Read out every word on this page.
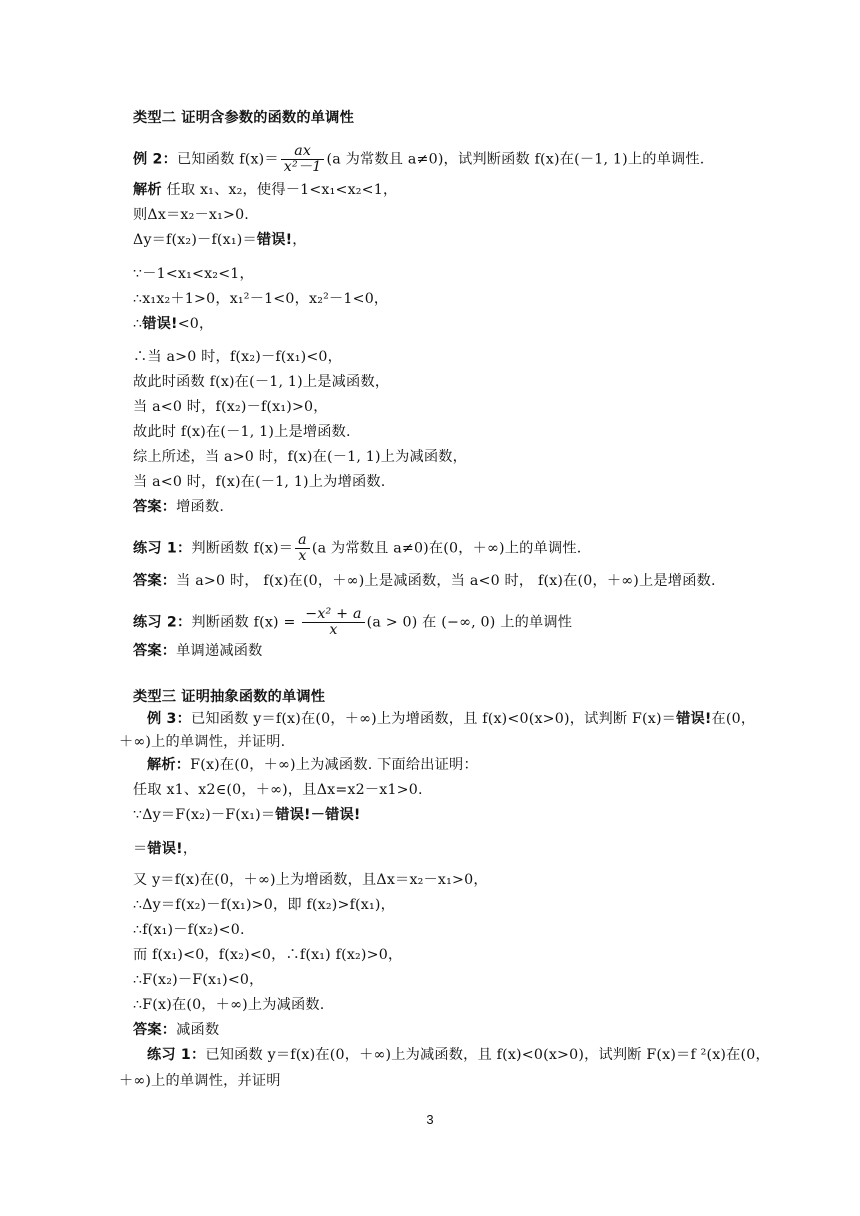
类型二 证明含参数的函数的单调性
例 2：已知函数 $f(x)= \frac{ax}{\text{x²－1}} (a$ 为常数且 a≠0)，试判断函数 f(x)在(－1, 1)上的单调性.
解析 任取 x₁、x₂，使得－1<x₁<x₂<1，
则Δx＝x₂－x₁>0.
Δy＝f(x₂)－f(x₁)＝错误!，
∵－1<x₁<x₂<1，
∴x₁x₂＋1>0，x₁²－1<0，x₂²－1<0，
∴错误!<0，
∴当 a>0 时，f(x₂)－f(x₁)<0，
故此时函数 f(x)在(－1, 1)上是减函数，
当 a<0 时，f(x₂)－f(x₁)>0，
故此时 f(x)在(－1, 1)上是增函数.
综上所述，当 a>0 时，f(x)在(－1, 1)上为减函数，
当 a<0 时，f(x)在(－1, 1)上为增函数.
答案：增函数.
练习 1：判断函数 $f(x)= \frac{a}{x} (a$ 为常数且 a≠0)在(0，＋∞)上的单调性.
答案：当 a>0 时， f(x)在(0，＋∞)上是减函数，当 a<0 时， f(x)在(0，＋∞)上是增函数.
练习 2：判断函数 $f(x) = \frac{\text{−x² + a}}{x} (a > 0)$ 在 (−∞, 0) 上的单调性
答案：单调递减函数
类型三 证明抽象函数的单调性
例 3：已知函数 y＝f(x)在(0，＋∞)上为增函数，且 f(x)<0(x>0)，试判断 F(x)＝错误!在(0，
＋∞)上的单调性，并证明.
解析：F(x)在(0，＋∞)上为减函数. 下面给出证明：
任取 x1、x2∈(0，＋∞)，且Δx=x2－x1>0.
∵Δy＝F(x₂)－F(x₁)＝错误!－错误!
＝错误!，
又 y＝f(x)在(0，＋∞)上为增函数，且Δx＝x₂－x₁>0，
∴Δy＝f(x₂)－f(x₁)>0，即 f(x₂)>f(x₁)，
∴f(x₁)－f(x₂)<0.
而 f(x₁)<0，f(x₂)<0，∴f(x₁) f(x₂)>0，
∴F(x₂)－F(x₁)<0，
∴F(x)在(0，＋∞)上为减函数.
答案：减函数
练习 1：已知函数 y＝f(x)在(0，＋∞)上为减函数，且 f(x)<0(x>0)，试判断 F(x)＝f ²(x)在(0，
＋∞)上的单调性，并证明
3
